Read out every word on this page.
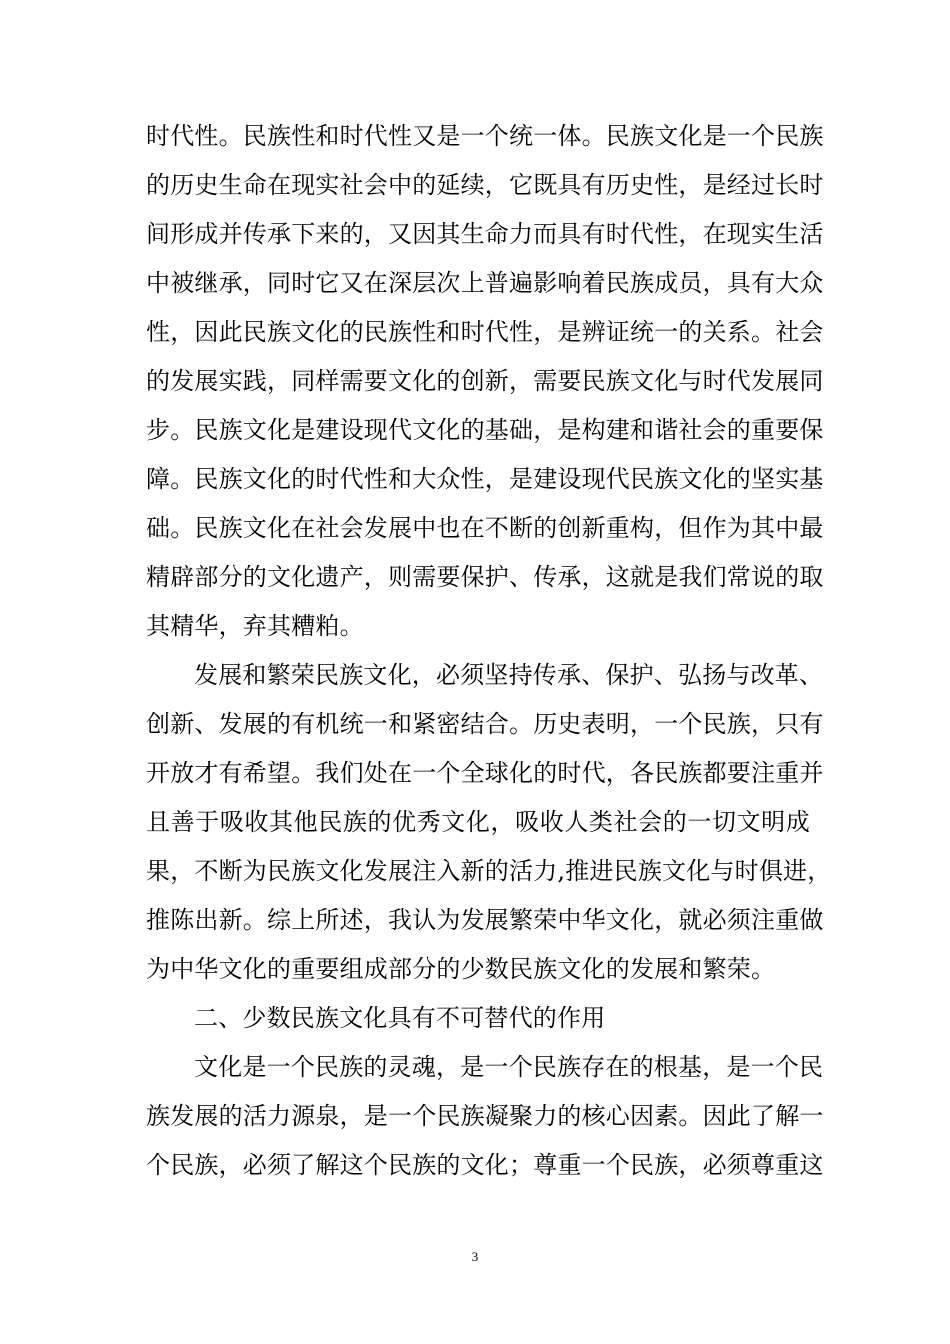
时代性。民族性和时代性又是一个统一体。民族文化是一个民族
的历史生命在现实社会中的延续，它既具有历史性，是经过长时
间形成并传承下来的，又因其生命力而具有时代性，在现实生活
中被继承，同时它又在深层次上普遍影响着民族成员，具有大众
性，因此民族文化的民族性和时代性，是辨证统一的关系。社会
的发展实践，同样需要文化的创新，需要民族文化与时代发展同
步。民族文化是建设现代文化的基础，是构建和谐社会的重要保
障。民族文化的时代性和大众性，是建设现代民族文化的坚实基
础。民族文化在社会发展中也在不断的创新重构，但作为其中最
精辟部分的文化遗产，则需要保护、传承，这就是我们常说的取
其精华，弃其糟粕。
发展和繁荣民族文化，必须坚持传承、保护、弘扬与改革、
创新、发展的有机统一和紧密结合。历史表明，一个民族，只有
开放才有希望。我们处在一个全球化的时代，各民族都要注重并
且善于吸收其他民族的优秀文化，吸收人类社会的一切文明成
果，不断为民族文化发展注入新的活力,推进民族文化与时俱进，
推陈出新。综上所述，我认为发展繁荣中华文化，就必须注重做
为中华文化的重要组成部分的少数民族文化的发展和繁荣。
二、少数民族文化具有不可替代的作用
文化是一个民族的灵魂，是一个民族存在的根基，是一个民
族发展的活力源泉，是一个民族凝聚力的核心因素。因此了解一
个民族，必须了解这个民族的文化；尊重一个民族，必须尊重这
3
